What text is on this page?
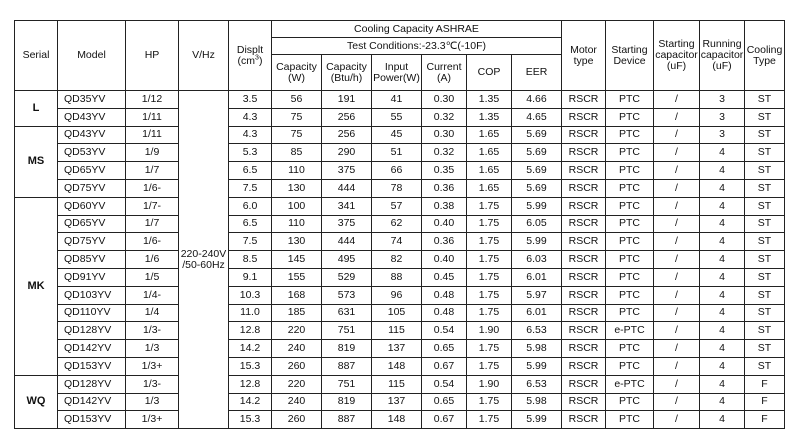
Serial	Model	HP	V/Hz	Displt
$(cm^3)$	Cooling Capacity ASHRAE						Motor type	Starting Device	Starting capacitor (uF)	Running capacitor (uF)	Cooling Type
					Test Conditions:-23.3℃(-10F)										
					Capacity (W)	Capacity (Btu/h)	Input Power(W)	Current (A)	COP	EER					
L	QD35YV	1/12	220-240V /50-60Hz	3.5	56	191	41	0.30	1.35	4.66	RSCR	PTC	/	3	ST
	QD43YV	1/11		4.3	75	256	55	0.32	1.35	4.65	RSCR	PTC	/	3	ST
MS	QD43YV	1/11		4.3	75	256	45	0.30	1.65	5.69	RSCR	PTC	/	3	ST
	QD53YV	1/9		5.3	85	290	51	0.32	1.65	5.69	RSCR	PTC	/	4	ST
	QD65YV	1/7		6.5	110	375	66	0.35	1.65	5.69	RSCR	PTC	/	4	ST
	QD75YV	1/6-		7.5	130	444	78	0.36	1.65	5.69	RSCR	PTC	/	4	ST
MK	QD60YV	1/7-		6.0	100	341	57	0.38	1.75	5.99	RSCR	PTC	/	4	ST
	QD65YV	1/7		6.5	110	375	62	0.40	1.75	6.05	RSCR	PTC	/	4	ST
	QD75YV	1/6-		7.5	130	444	74	0.36	1.75	5.99	RSCR	PTC	/	4	ST
	QD85YV	1/6		8.5	145	495	82	0.40	1.75	6.03	RSCR	PTC	/	4	ST
	QD91YV	1/5		9.1	155	529	88	0.45	1.75	6.01	RSCR	PTC	/	4	ST
	QD103YV	1/4-		10.3	168	573	96	0.48	1.75	5.97	RSCR	PTC	/	4	ST
	QD110YV	1/4		11.0	185	631	105	0.48	1.75	6.01	RSCR	PTC	/	4	ST
	QD128YV	1/3-		12.8	220	751	115	0.54	1.90	6.53	RSCR	e-PTC	/	4	ST
	QD142YV	1/3		14.2	240	819	137	0.65	1.75	5.98	RSCR	PTC	/	4	ST
	QD153YV	1/3+		15.3	260	887	148	0.67	1.75	5.99	RSCR	PTC	/	4	ST
WQ	QD128YV	1/3-		12.8	220	751	115	0.54	1.90	6.53	RSCR	e-PTC	/	4	F
	QD142YV	1/3		14.2	240	819	137	0.65	1.75	5.98	RSCR	PTC	/	4	F
	QD153YV	1/3+		15.3	260	887	148	0.67	1.75	5.99	RSCR	PTC	/	4	F
